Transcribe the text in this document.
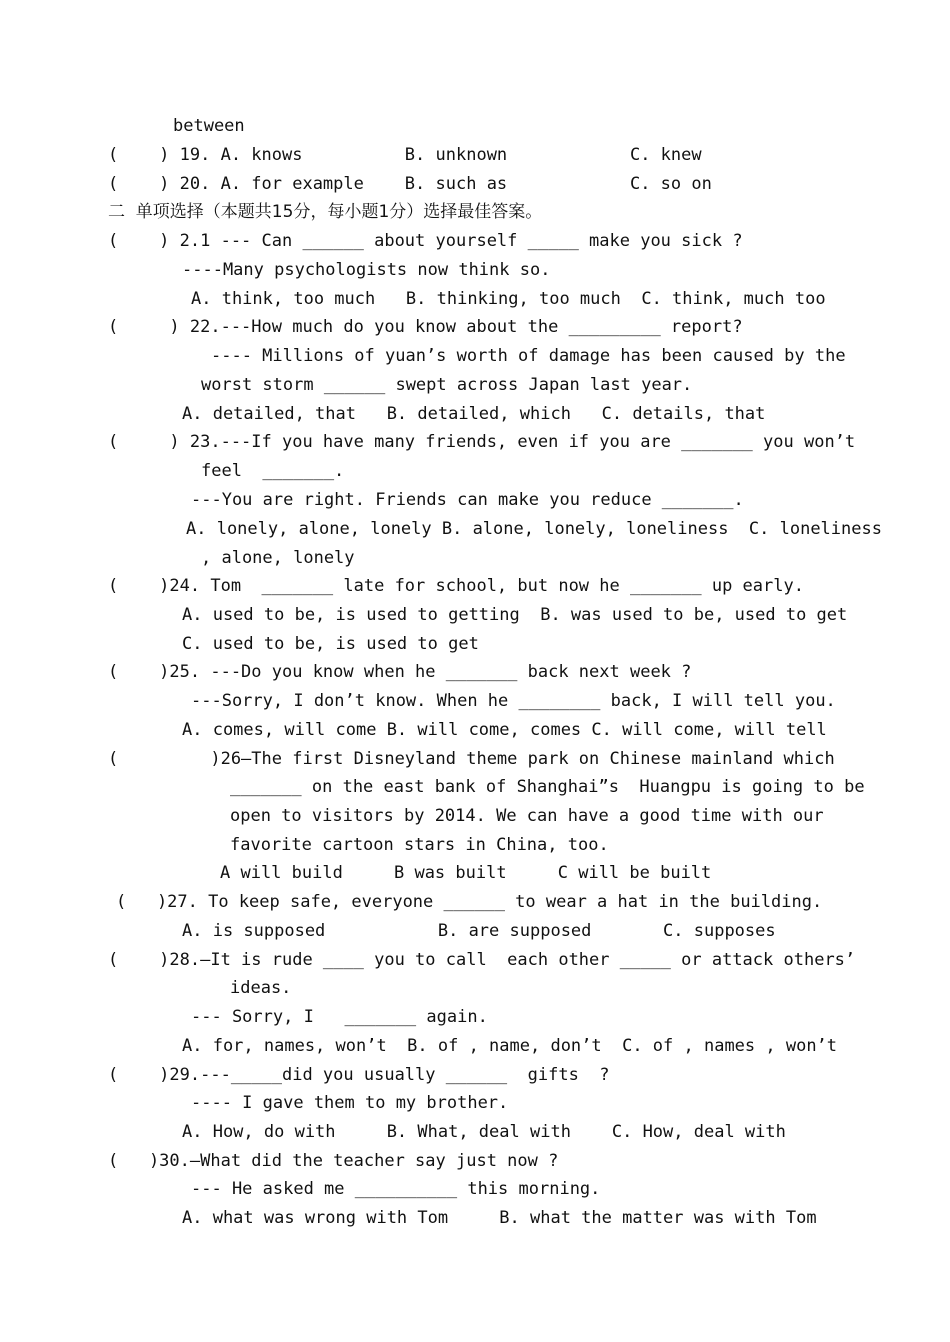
between
(    ) 19. A. knows          B. unknown            C. knew
(    ) 20. A. for example    B. such as            C. so on
二  单项选择（本题共15分，每小题1分）选择最佳答案。
(    ) 2.1 --- Can ______ about yourself _____ make you sick ?
----Many psychologists now think so.
A. think, too much   B. thinking, too much  C. think, much too
(     ) 22.---How much do you know about the _________ report?
---- Millions of yuan’s worth of damage has been caused by the
worst storm ______ swept across Japan last year.
A. detailed, that   B. detailed, which   C. details, that
(     ) 23.---If you have many friends, even if you are _______ you won’t
feel  _______.
---You are right. Friends can make you reduce _______.
A. lonely, alone, lonely B. alone, lonely, loneliness  C. loneliness
, alone, lonely
(    )24. Tom  _______ late for school, but now he _______ up early.
A. used to be, is used to getting  B. was used to be, used to get
C. used to be, is used to get
(    )25. ---Do you know when he _______ back next week ?
---Sorry, I don’t know. When he ________ back, I will tell you.
A. comes, will come B. will come, comes C. will come, will tell
(         )26—The first Disneyland theme park on Chinese mainland which
_______ on the east bank of Shanghai”s  Huangpu is going to be
open to visitors by 2014. We can have a good time with our
favorite cartoon stars in China, too.
A will build     B was built     C will be built
(   )27. To keep safe, everyone ______ to wear a hat in the building.
A. is supposed           B. are supposed       C. supposes
(    )28.—It is rude ____ you to call  each other _____ or attack others’
ideas.
--- Sorry, I   _______ again.
A. for, names, won’t  B. of , name, don’t  C. of , names , won’t
(    )29.---_____did you usually ______  gifts  ?
---- I gave them to my brother.
A. How, do with     B. What, deal with    C. How, deal with
(   )30.—What did the teacher say just now ?
--- He asked me __________ this morning.
A. what was wrong with Tom     B. what the matter was with Tom
